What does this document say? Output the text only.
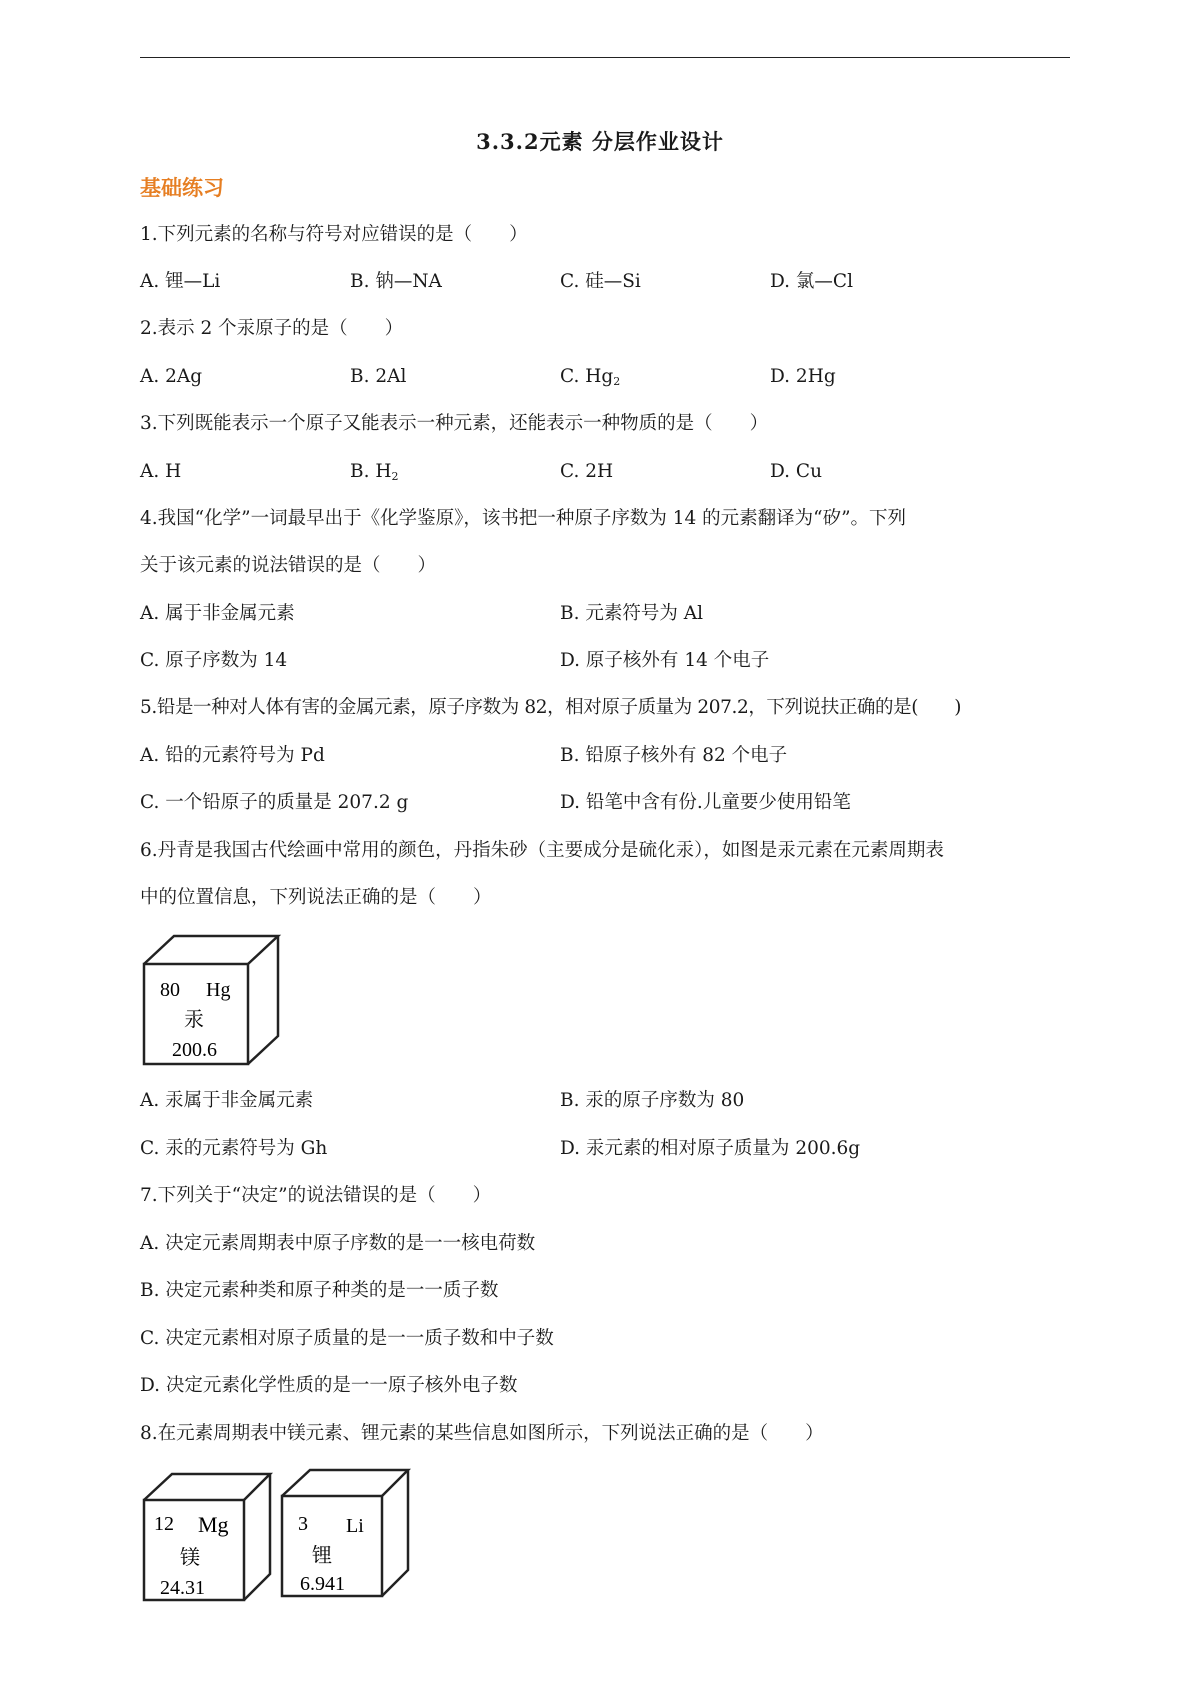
3.3.2元素 分层作业设计
基础练习
1.下列元素的名称与符号对应错误的是（　　）
A. 锂—Li	B. 钠—NA	C. 硅—Si	D. 氯—Cl
2.表示 2 个汞原子的是（　　）
A. 2Ag	B. 2Al	C. $Hg_2$	D. 2Hg
3.下列既能表示一个原子又能表示一种元素，还能表示一种物质的是（　　）
A. H	B. $H_2$	C. 2H	D. Cu
4.我国“化学”一词最早出于《化学鉴原》，该书把一种原子序数为 14 的元素翻译为“矽”。下列
关于该元素的说法错误的是（　　）
A. 属于非金属元素	B. 元素符号为 Al
C. 原子序数为 14	D. 原子核外有 14 个电子
5.铅是一种对人体有害的金属元素，原子序数为 82，相对原子质量为 207.2，下列说扶正确的是(　　)
A. 铅的元素符号为 Pd	B. 铅原子核外有 82 个电子
C. 一个铅原子的质量是 207.2 g	D. 铅笔中含有份.儿童要少使用铅笔
6.丹青是我国古代绘画中常用的颜色，丹指朱砂（主要成分是硫化汞），如图是汞元素在元素周期表
中的位置信息，下列说法正确的是（　　）
80 Hg
汞
200.6
A. 汞属于非金属元素	B. 汞的原子序数为 80
C. 汞的元素符号为 Gh	D. 汞元素的相对原子质量为 200.6g
7.下列关于“决定”的说法错误的是（　　）
A. 决定元素周期表中原子序数的是一一核电荷数
B. 决定元素种类和原子种类的是一一质子数
C. 决定元素相对原子质量的是一一质子数和中子数
D. 决定元素化学性质的是一一原子核外电子数
8.在元素周期表中镁元素、锂元素的某些信息如图所示，下列说法正确的是（　　）
12 Mg
镁
24.31
3 Li
锂
6.941
